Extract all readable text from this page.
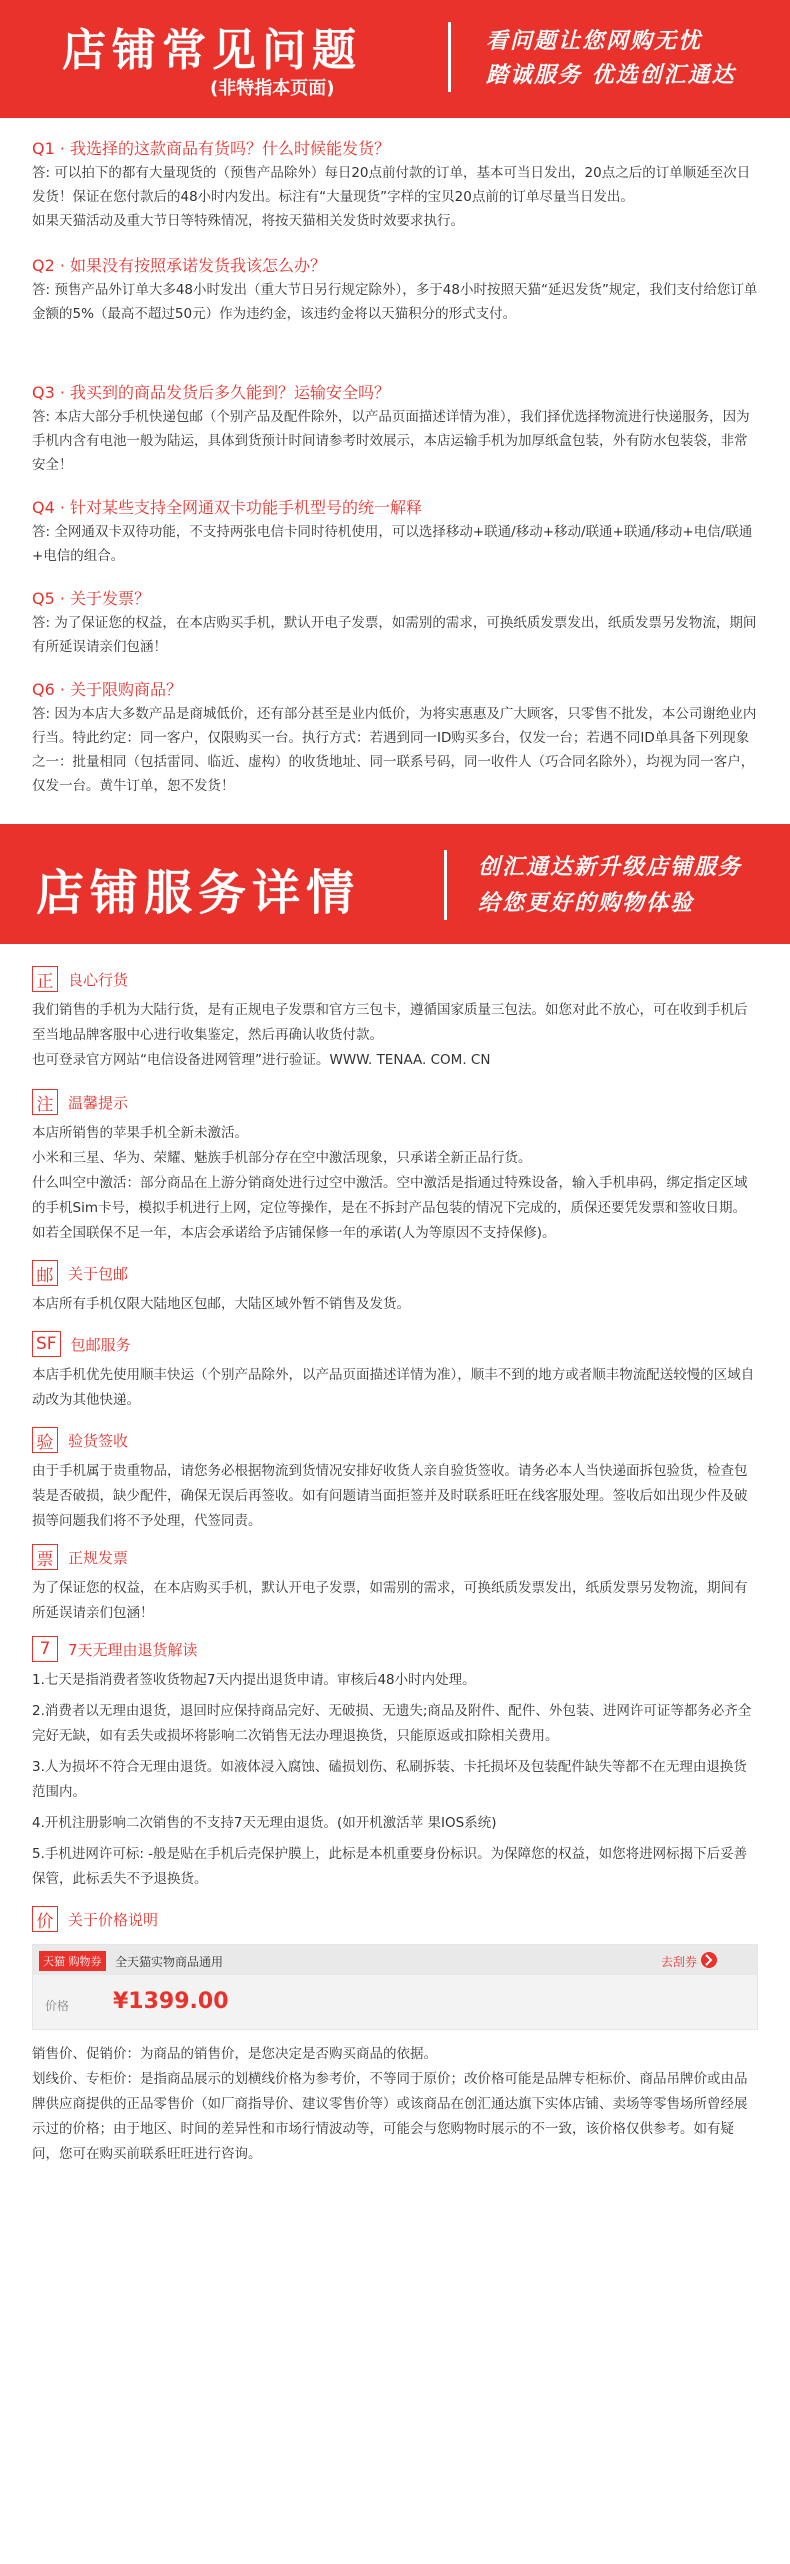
店铺常见问题
(非特指本页面)
看问题让您网购无忧
踏诚服务 优选创汇通达

Q1 · 我选择的这款商品有货吗？什么时候能发货？

答: 可以拍下的都有大量现货的（预售产品除外）每日20点前付款的订单，基本可当日发出，20点之后的订单顺延至次日发货！保证在您付款后的48小时内发出。标注有“大量现货”字样的宝贝20点前的订单尽量当日发出。

如果天猫活动及重大节日等特殊情况，将按天猫相关发货时效要求执行。

Q2 · 如果没有按照承诺发货我该怎么办？

答: 预售产品外订单大多48小时发出（重大节日另行规定除外），多于48小时按照天猫“延迟发货”规定，我们支付给您订单金额的5%（最高不超过50元）作为违约金，该违约金将以天猫积分的形式支付。

Q3 · 我买到的商品发货后多久能到？运输安全吗？

答: 本店大部分手机快递包邮（个别产品及配件除外，以产品页面描述详情为准），我们择优选择物流进行快递服务，因为手机内含有电池一般为陆运，具体到货预计时间请参考时效展示，本店运输手机为加厚纸盒包装，外有防水包装袋，非常安全！

Q4 · 针对某些支持全网通双卡功能手机型号的统一解释

答: 全网通双卡双待功能，不支持两张电信卡同时待机使用，可以选择移动+联通/移动+移动/联通+联通/移动+电信/联通+电信的组合。

Q5 · 关于发票？

答: 为了保证您的权益，在本店购买手机，默认开电子发票，如需别的需求，可换纸质发票发出，纸质发票另发物流，期间有所延误请亲们包涵！

Q6 · 关于限购商品？

答: 因为本店大多数产品是商城低价，还有部分甚至是业内低价，为将实惠惠及广大顾客，只零售不批发，本公司谢绝业内行当。特此约定：同一客户，仅限购买一台。执行方式：若遇到同一ID购买多台，仅发一台；若遇不同ID单具备下列现象之一：批量相同（包括雷同、临近、虚构）的收货地址、同一联系号码，同一收件人（巧合同名除外），均视为同一客户，仅发一台。黄牛订单，恕不发货！

店铺服务详情	创汇通达新升级店铺服务
给您更好的购物体验
正 良心行货

我们销售的手机为大陆行货，是有正规电子发票和官方三包卡，遵循国家质量三包法。如您对此不放心，可在收到手机后至当地品牌客服中心进行收集鉴定，然后再确认收货付款。

也可登录官方网站“电信设备进网管理”进行验证。WWW. TENAA. COM. CN

注 温馨提示

本店所销售的苹果手机全新未激活。

小米和三星、华为、荣耀、魅族手机部分存在空中激活现象，只承诺全新正品行货。

什么叫空中激活：部分商品在上游分销商处进行过空中激活。空中激活是指通过特殊设备，输入手机串码，绑定指定区域的手机Sim卡号，模拟手机进行上网，定位等操作，是在不拆封产品包装的情况下完成的，质保还要凭发票和签收日期。如若全国联保不足一年，本店会承诺给予店铺保修一年的承诺(人为等原因不支持保修)。

邮 关于包邮

本店所有手机仅限大陆地区包邮，大陆区域外暂不销售及发货。

SF 包邮服务

本店手机优先使用顺丰快运（个别产品除外，以产品页面描述详情为准），顺丰不到的地方或者顺丰物流配送较慢的区域自动改为其他快递。

验 验货签收

由于手机属于贵重物品，请您务必根据物流到货情况安排好收货人亲自验货签收。请务必本人当快递面拆包验货，检查包装是否破损，缺少配件，确保无误后再签收。如有问题请当面拒签并及时联系旺旺在线客服处理。签收后如出现少件及破损等问题我们将不予处理，代签同责。

票 正规发票

为了保证您的权益，在本店购买手机，默认开电子发票，如需别的需求，可换纸质发票发出，纸质发票另发物流，期间有所延误请亲们包涵！

7	7天无理由退货解读

1.七天是指消费者签收货物起7天内提出退货申请。审核后48小时内处理。

2.消费者以无理由退货，退回时应保持商品完好、无破损、无遗失;商品及附件、配件、外包装、进网许可证等都务必齐全完好无缺，如有丢失或损坏将影响二次销售无法办理退换货，只能原返或扣除相关费用。

3.人为损坏不符合无理由退货。如液体浸入腐蚀、磕损划伤、私刷拆装、卡托损坏及包装配件缺失等都不在无理由退换货范围内。

4.开机注册影响二次销售的不支持7天无理由退货。(如开机激活苹 果IOS系统)

5.手机进网许可标: -般是贴在手机后壳保护膜上，此标是本机重要身份标识。为保障您的权益，如您将进网标揭下后妥善保管，此标丢失不予退换货。

价 关于价格说明
天猫 购物券	全天猫实物商品通用	去刮券
价格 ¥1399.00

销售价、促销价：为商品的销售价，是您决定是否购买商品的依据。

划线价、专柜价：是指商品展示的划横线价格为参考价，不等同于原价；改价格可能是品牌专柜标价、商品吊牌价或由品牌供应商提供的正品零售价（如厂商指导价、建议零售价等）或该商品在创汇通达旗下实体店铺、卖场等零售场所曾经展示过的价格；由于地区、时间的差异性和市场行情波动等，可能会与您购物时展示的不一致，该价格仅供参考。如有疑问，您可在购买前联系旺旺进行咨询。
